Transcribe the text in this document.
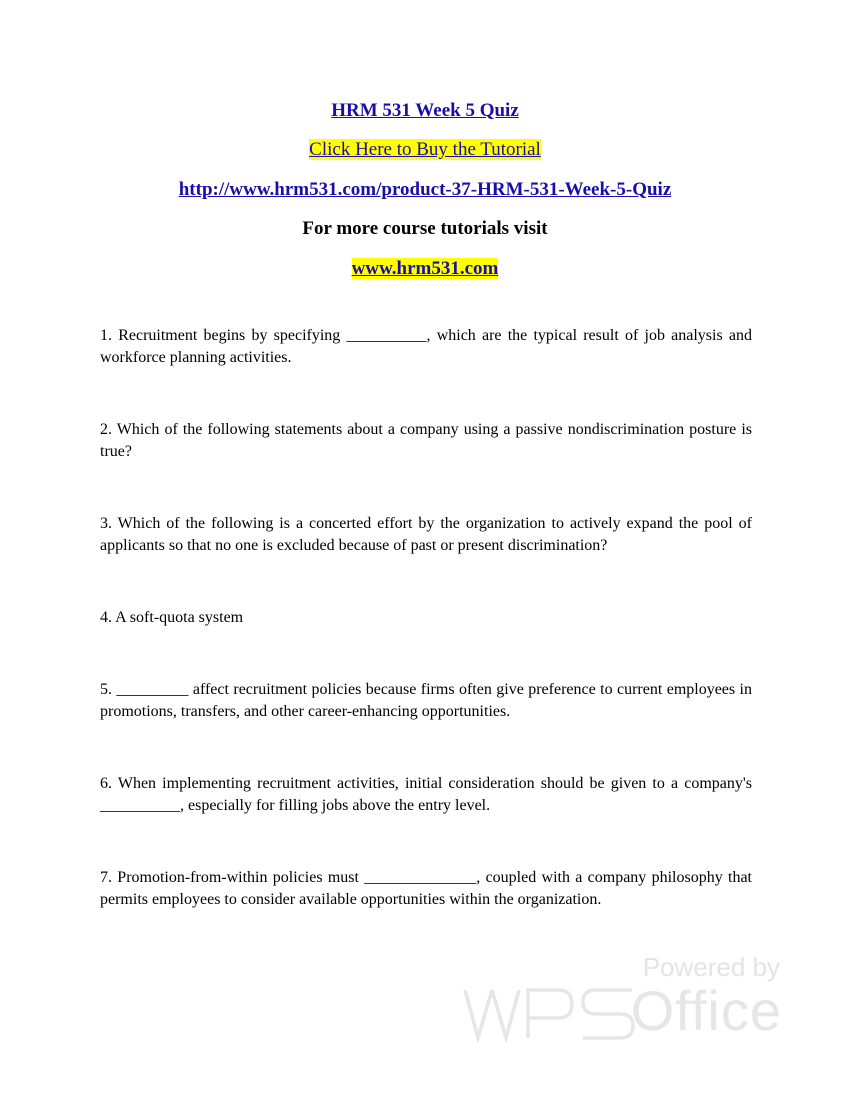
HRM 531 Week 5 Quiz
Click Here to Buy the Tutorial
http://www.hrm531.com/product-37-HRM-531-Week-5-Quiz
For more course tutorials visit
www.hrm531.com

1. Recruitment begins by specifying __________, which are the typical result of job analysis and workforce planning activities.

2. Which of the following statements about a company using a passive nondiscrimination posture is true?

3. Which of the following is a concerted effort by the organization to actively expand the pool of applicants so that no one is excluded because of past or present discrimination?

4. A soft-quota system

5. _________ affect recruitment policies because firms often give preference to current employees in promotions, transfers, and other career-enhancing opportunities.

6. When implementing recruitment activities, initial consideration should be given to a company's __________, especially for filling jobs above the entry level.

7. Promotion-from-within policies must ______________, coupled with a company philosophy that permits employees to consider available opportunities within the organization.

Powered by
Office
